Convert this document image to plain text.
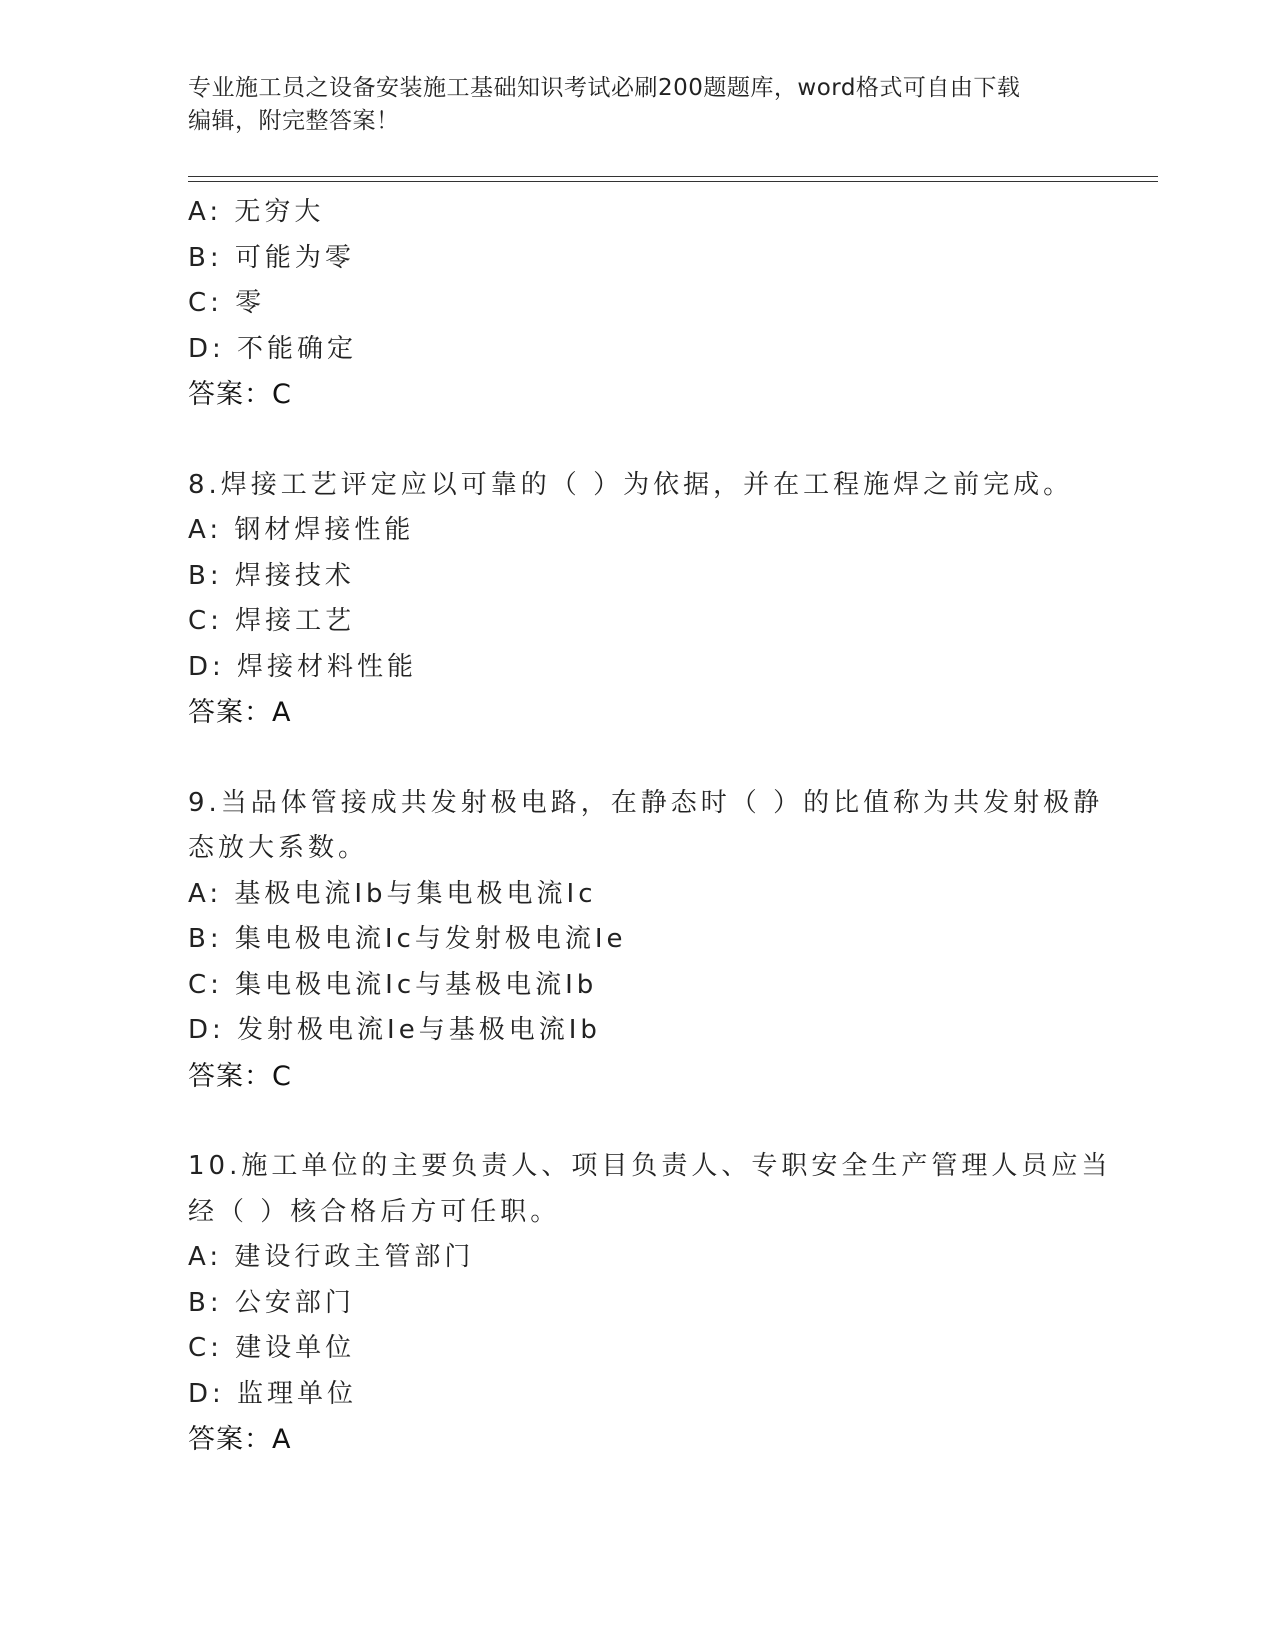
专业施工员之设备安装施工基础知识考试必刷200题题库，word格式可自由下载
编辑，附完整答案！
A: 无穷大
B: 可能为零
C: 零
D: 不能确定
答案：C
8.焊接工艺评定应以可靠的（ ）为依据，并在工程施焊之前完成。
A: 钢材焊接性能
B: 焊接技术
C: 焊接工艺
D: 焊接材料性能
答案：A
9.当品体管接成共发射极电路，在静态时（ ）的比值称为共发射极静
态放大系数。
A: 基极电流Ib与集电极电流Ic
B: 集电极电流Ic与发射极电流Ie
C: 集电极电流Ic与基极电流Ib
D: 发射极电流Ie与基极电流Ib
答案：C
10.施工单位的主要负责人、项目负责人、专职安全生产管理人员应当
经（ ）核合格后方可任职。
A: 建设行政主管部门
B: 公安部门
C: 建设单位
D: 监理单位
答案：A
